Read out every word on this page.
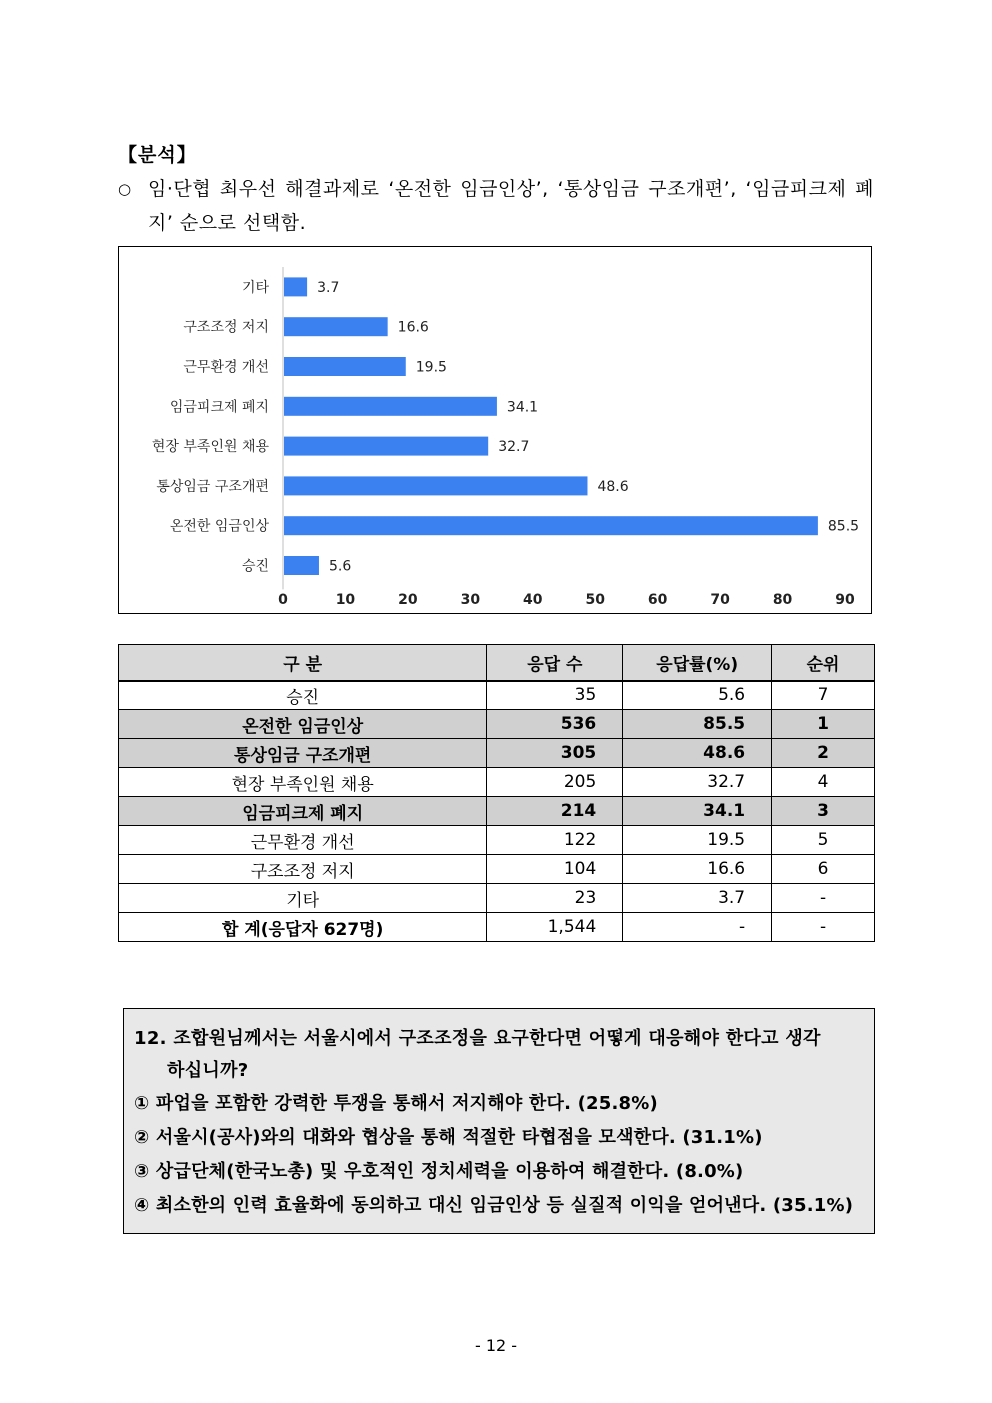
【분석】
○ 임·단협 최우선 해결과제로 ‘온전한 임금인상’, ‘통상임금 구조개편’, ‘임금피크제 폐지’ 순으로 선택함.
기타	3.7
구조조정 저지	16.6
근무환경 개선	19.5
임금피크제 폐지	34.1
현장 부족인원 채용	32.7
통상임금 구조개편	48.6
온전한 임금인상	85.5
승진	5.6
0	10	20	30	40	50	60	70	80	90
구 분	응답 수	응답률(%)	순위
승진	35	5.6	7
온전한 임금인상	536	85.5	1
통상임금 구조개편	305	48.6	2
현장 부족인원 채용	205	32.7	4
임금피크제 폐지	214	34.1	3
근무환경 개선	122	19.5	5
구조조정 저지	104	16.6	6
기타	23	3.7	-
합 계(응답자 627명)	1,544	-	-
12. 조합원님께서는 서울시에서 구조조정을 요구한다면 어떻게 대응해야 한다고 생각
하십니까?
① 파업을 포함한 강력한 투쟁을 통해서 저지해야 한다. (25.8%)
② 서울시(공사)와의 대화와 협상을 통해 적절한 타협점을 모색한다. (31.1%)
③ 상급단체(한국노총) 및 우호적인 정치세력을 이용하여 해결한다. (8.0%)
④ 최소한의 인력 효율화에 동의하고 대신 임금인상 등 실질적 이익을 얻어낸다. (35.1%)
- 12 -
